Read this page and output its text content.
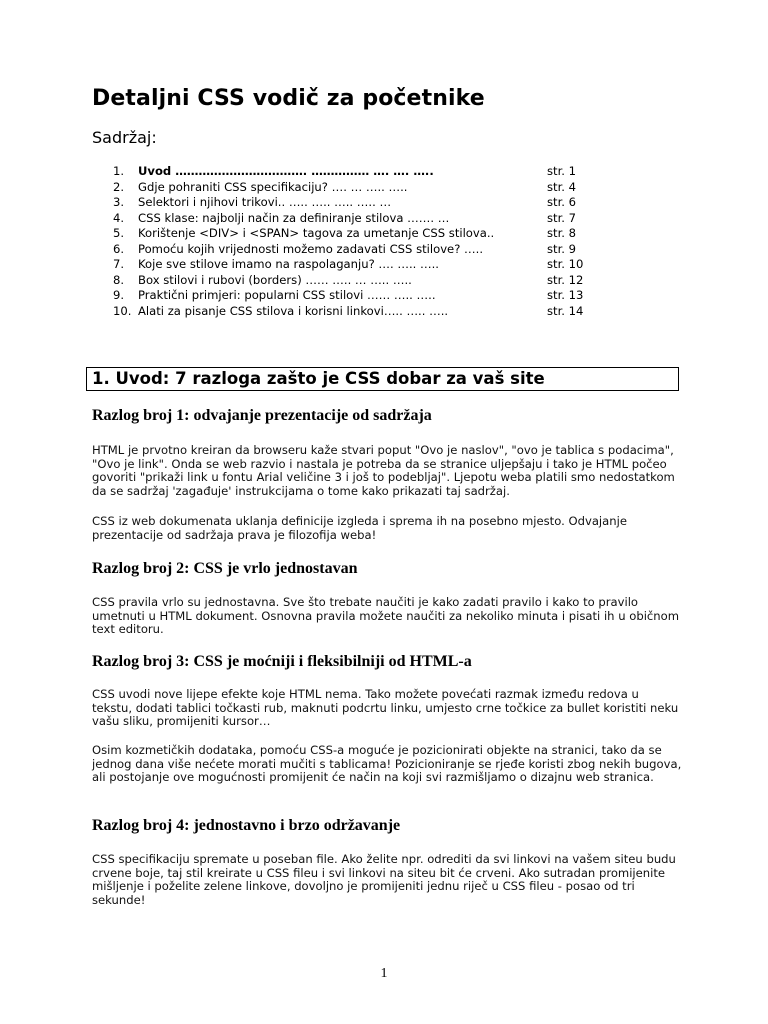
Detaljni CSS vodič za početnike
Sadržaj:
1.	Uvod ……………………………. …………… …. …. …..	str. 1
2.	Gdje pohraniti CSS specifikaciju? …. … ….. …..	str. 4
3.	Selektori i njihovi trikovi.. ….. ….. ….. ….. …	str. 6
4.	CSS klase: najbolji način za definiranje stilova ……. …	str. 7
5.	Korištenje <DIV> i <SPAN> tagova za umetanje CSS stilova..	str. 8
6.	Pomoću kojih vrijednosti možemo zadavati CSS stilove? …..	str. 9
7.	Koje sve stilove imamo na raspolaganju? …. ….. …..	str. 10
8.	Box stilovi i rubovi (borders) …… ….. … ….. …..	str. 12
9.	Praktični primjeri: popularni CSS stilovi …… ….. …..	str. 13
10. Alati za pisanje CSS stilova i korisni linkovi….. ….. …..	str. 14
1. Uvod: 7 razloga zašto je CSS dobar za vaš site
Razlog broj 1: odvajanje prezentacije od sadržaja

HTML je prvotno kreiran da browseru kaže stvari poput "Ovo je naslov", "ovo je tablica s podacima", "Ovo je link". Onda se web razvio i nastala je potreba da se stranice uljepšaju i tako je HTML počeo govoriti "prikaži link u fontu Arial veličine 3 i još to podebljaj". Ljepotu weba platili smo nedostatkom da se sadržaj 'zagađuje' instrukcijama o tome kako prikazati taj sadržaj.

CSS iz web dokumenata uklanja definicije izgleda i sprema ih na posebno mjesto. Odvajanje prezentacije od sadržaja prava je filozofija weba!

Razlog broj 2: CSS je vrlo jednostavan

CSS pravila vrlo su jednostavna. Sve što trebate naučiti je kako zadati pravilo i kako to pravilo umetnuti u HTML dokument. Osnovna pravila možete naučiti za nekoliko minuta i pisati ih u običnom text editoru.

Razlog broj 3: CSS je moćniji i fleksibilniji od HTML-a

CSS uvodi nove lijepe efekte koje HTML nema. Tako možete povećati razmak između redova u tekstu, dodati tablici točkasti rub, maknuti podcrtu linku, umjesto crne točkice za bullet koristiti neku vašu sliku, promijeniti kursor…

Osim kozmetičkih dodataka, pomoću CSS-a moguće je pozicionirati objekte na stranici, tako da se jednog dana više nećete morati mučiti s tablicama! Pozicioniranje se rjeđe koristi zbog nekih bugova, ali postojanje ove mogućnosti promijenit će način na koji svi razmišljamo o dizajnu web stranica.

Razlog broj 4: jednostavno i brzo održavanje

CSS specifikaciju spremate u poseban file. Ako želite npr. odrediti da svi linkovi na vašem siteu budu crvene boje, taj stil kreirate u CSS fileu i svi linkovi na siteu bit će crveni. Ako sutradan promijenite mišljenje i poželite zelene linkove, dovoljno je promijeniti jednu riječ u CSS fileu - posao od tri sekunde!

1
